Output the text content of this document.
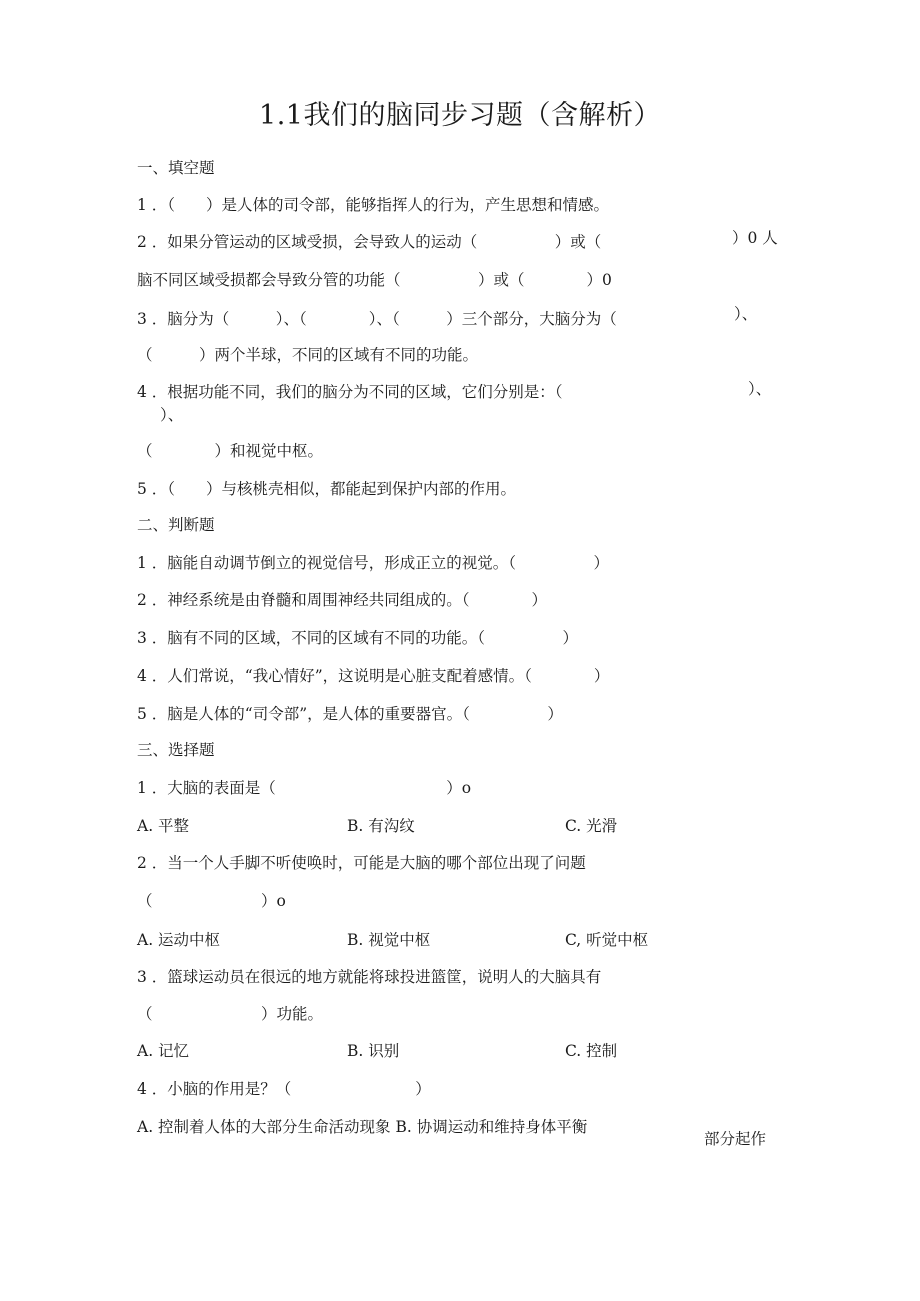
1.1我们的脑同步习题（含解析）
一、填空题
1 ．（　　）是人体的司令部，能够指挥人的行为，产生思想和情感。
2 ．如果分管运动的区域受损，会导致人的运动（　　　　　）或（	）0 人
脑不同区域受损都会导致分管的功能（　　　　　）或（　　　　）0
3 ．脑分为（　　　）、（　　　　）、（　　　）三个部分，大脑分为（	）、
（　　　）两个半球，不同的区域有不同的功能。
4 ．根据功能不同，我们的脑分为不同的区域，它们分别是：（	）、
）、
（　　　　）和视觉中枢。
5 ．（　　）与核桃壳相似，都能起到保护内部的作用。
二、判断题
1 ．脑能自动调节倒立的视觉信号，形成正立的视觉。（　　　　　）
2 ．神经系统是由脊髓和周围神经共同组成的。（　　　　）
3 ．脑有不同的区域，不同的区域有不同的功能。（　　　　　）
4 ．人们常说，“我心情好”，这说明是心脏支配着感情。（　　　　）
5 ．脑是人体的“司令部”，是人体的重要器官。（　　　　　）
三、选择题
1 ．大脑的表面是（　　　　　　　　　　　）o
A. 平整	B. 有沟纹	C. 光滑
2 ．当一个人手脚不听使唤时，可能是大脑的哪个部位出现了问题
（　　　　　　　）o
A. 运动中枢	B. 视觉中枢	C, 听觉中枢
3 ．篮球运动员在很远的地方就能将球投进篮筐，说明人的大脑具有
（　　　　　　　）功能。
A. 记忆	B. 识别	C. 控制
4 ．小脑的作用是？（　　　　　　　　）
A. 控制着人体的大部分生命活动现象 B. 协调运动和维持身体平衡
部分起作
